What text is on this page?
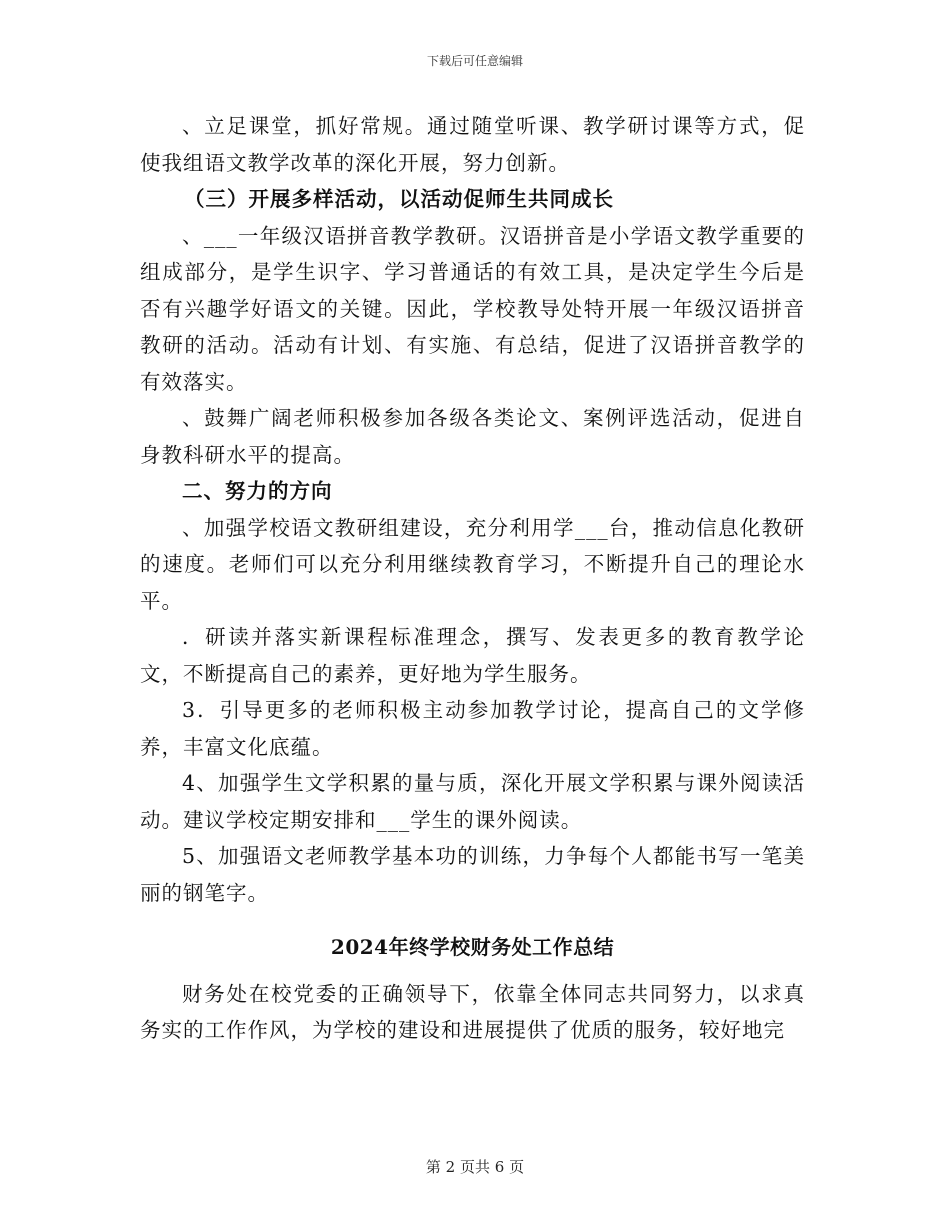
下载后可任意编辑

、立足课堂，抓好常规。通过随堂听课、教学研讨课等方式，促使我组语文教学改革的深化开展，努力创新。

（三）开展多样活动，以活动促师生共同成长

、___一年级汉语拼音教学教研。汉语拼音是小学语文教学重要的组成部分，是学生识字、学习普通话的有效工具，是决定学生今后是否有兴趣学好语文的关键。因此，学校教导处特开展一年级汉语拼音教研的活动。活动有计划、有实施、有总结，促进了汉语拼音教学的有效落实。

、鼓舞广阔老师积极参加各级各类论文、案例评选活动，促进自身教科研水平的提高。

二、努力的方向

、加强学校语文教研组建设，充分利用学___台，推动信息化教研的速度。老师们可以充分利用继续教育学习，不断提升自己的理论水平。

．研读并落实新课程标准理念，撰写、发表更多的教育教学论文，不断提高自己的素养，更好地为学生服务。

3．引导更多的老师积极主动参加教学讨论，提高自己的文学修养，丰富文化底蕴。

4、加强学生文学积累的量与质，深化开展文学积累与课外阅读活动。建议学校定期安排和___学生的课外阅读。

5、加强语文老师教学基本功的训练，力争每个人都能书写一笔美丽的钢笔字。

2024年终学校财务处工作总结

财务处在校党委的正确领导下，依靠全体同志共同努力，以求真务实的工作作风，为学校的建设和进展提供了优质的服务，较好地完

第 2 页共 6 页
